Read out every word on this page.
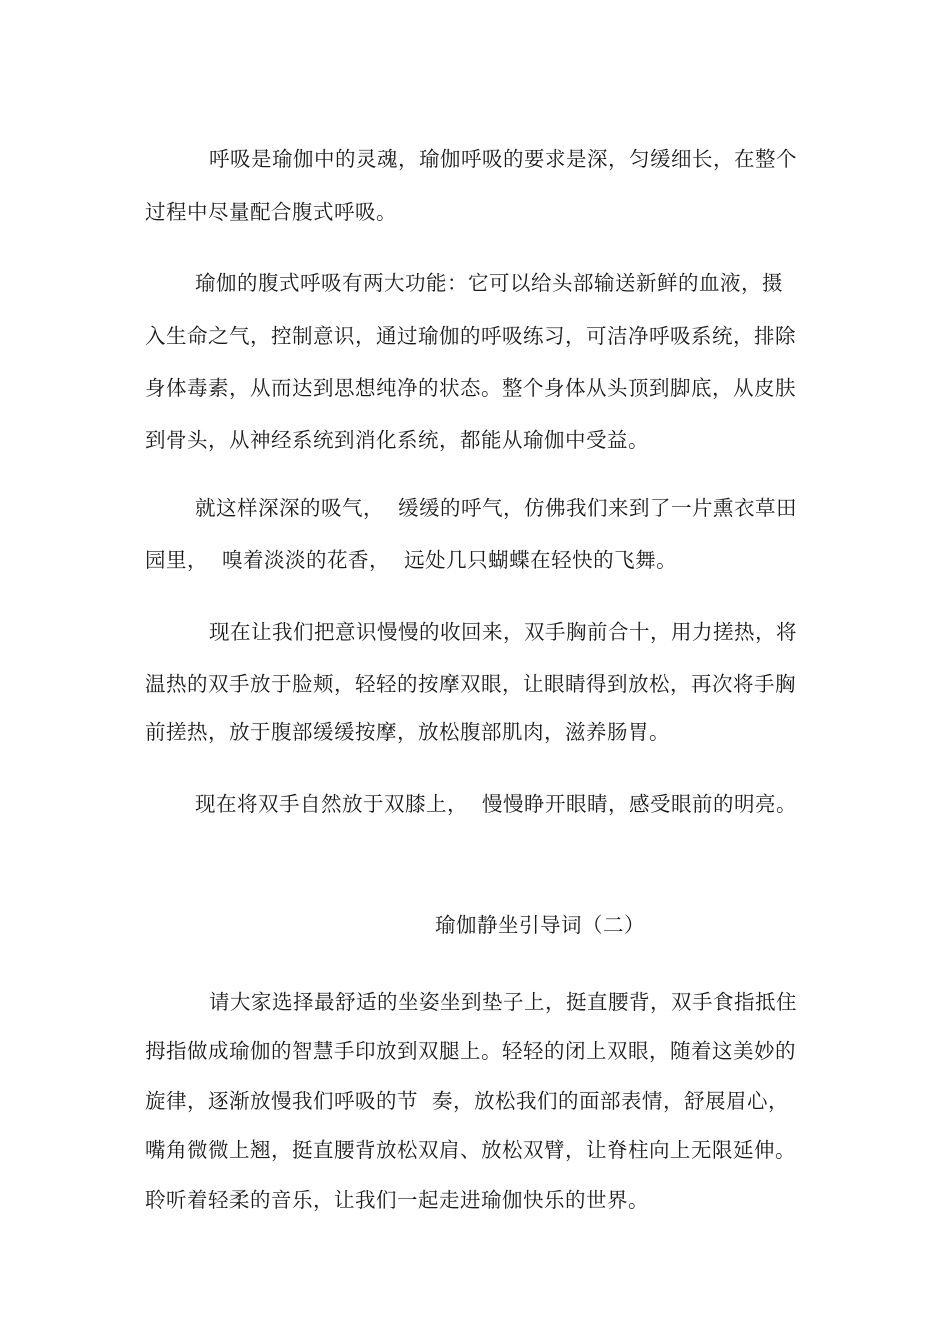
呼吸是瑜伽中的灵魂，瑜伽呼吸的要求是深，匀缓细长，在整个
过程中尽量配合腹式呼吸。
瑜伽的腹式呼吸有两大功能：它可以给头部输送新鲜的血液，摄
入生命之气，控制意识，通过瑜伽的呼吸练习，可洁净呼吸系统，排除
身体毒素，从而达到思想纯净的状态。整个身体从头顶到脚底，从皮肤
到骨头，从神经系统到消化系统，都能从瑜伽中受益。
就这样深深的吸气，  缓缓的呼气，仿佛我们来到了一片熏衣草田
园里，  嗅着淡淡的花香，  远处几只蝴蝶在轻快的飞舞。
现在让我们把意识慢慢的收回来，双手胸前合十，用力搓热，将
温热的双手放于脸颊，轻轻的按摩双眼，让眼睛得到放松，再次将手胸
前搓热，放于腹部缓缓按摩，放松腹部肌肉，滋养肠胃。
现在将双手自然放于双膝上，  慢慢睁开眼睛，感受眼前的明亮。
瑜伽静坐引导词（二）
请大家选择最舒适的坐姿坐到垫子上，挺直腰背，双手食指抵住
拇指做成瑜伽的智慧手印放到双腿上。轻轻的闭上双眼，随着这美妙的
旋律，逐渐放慢我们呼吸的节  奏，放松我们的面部表情，舒展眉心，
嘴角微微上翘，挺直腰背放松双肩、放松双臂，让脊柱向上无限延伸。
聆听着轻柔的音乐，让我们一起走进瑜伽快乐的世界。
